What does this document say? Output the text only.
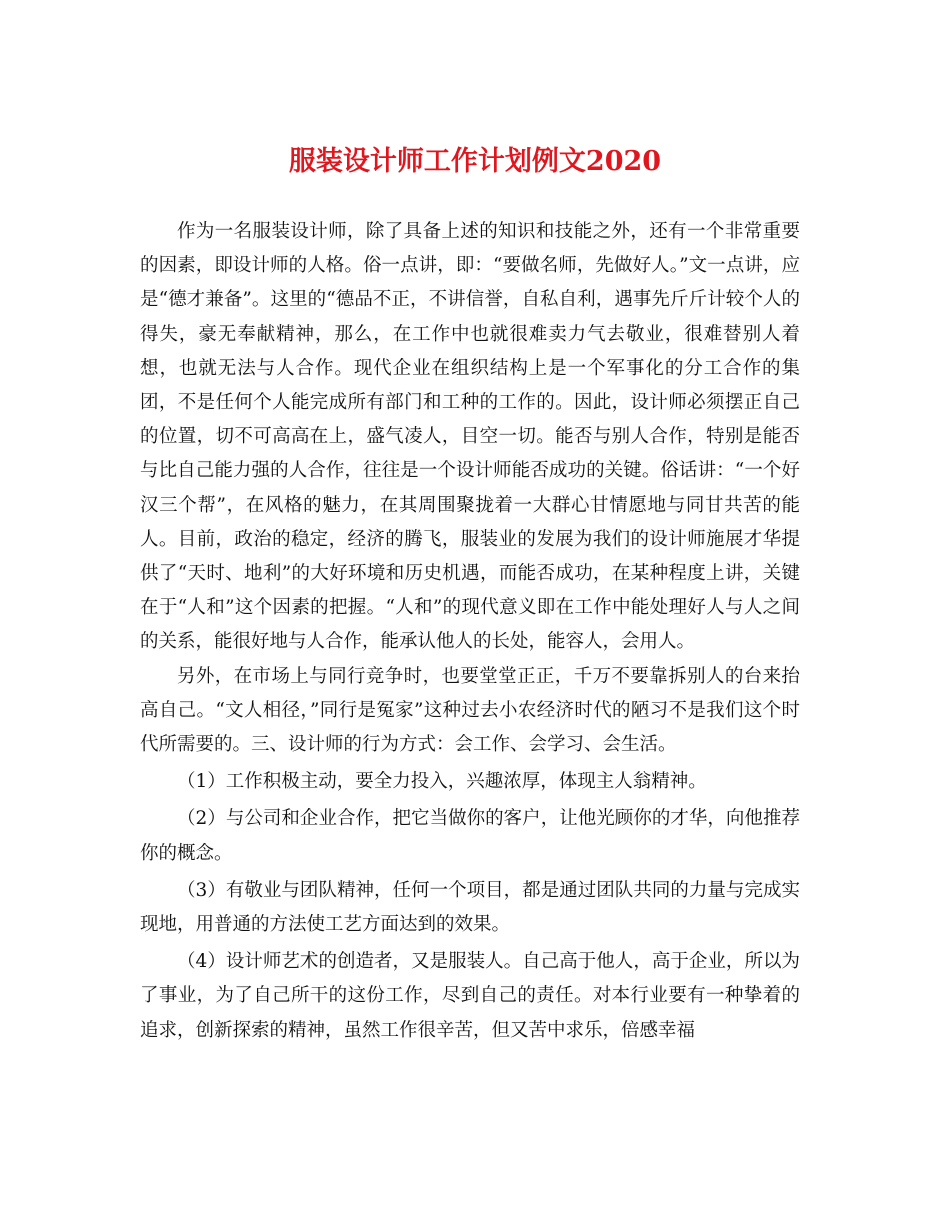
服装设计师工作计划例文2020

作为一名服装设计师，除了具备上述的知识和技能之外，还有一个非常重要的因素，即设计师的人格。俗一点讲，即：“要做名师，先做好人。”文一点讲，应是“德才兼备”。这里的“德品不正，不讲信誉，自私自利，遇事先斤斤计较个人的得失，豪无奉献精神，那么，在工作中也就很难卖力气去敬业，很难替别人着想，也就无法与人合作。现代企业在组织结构上是一个军事化的分工合作的集团，不是任何个人能完成所有部门和工种的工作的。因此，设计师必须摆正自己的位置，切不可高高在上，盛气凌人，目空一切。能否与别人合作，特别是能否与比自己能力强的人合作，往往是一个设计师能否成功的关键。俗话讲：“一个好汉三个帮”，在风格的魅力，在其周围聚拢着一大群心甘情愿地与同甘共苦的能人。目前，政治的稳定，经济的腾飞，服装业的发展为我们的设计师施展才华提供了“天时、地利”的大好环境和历史机遇，而能否成功，在某种程度上讲，关键在于“人和”这个因素的把握。“人和”的现代意义即在工作中能处理好人与人之间的关系，能很好地与人合作，能承认他人的长处，能容人，会用人。

另外，在市场上与同行竞争时，也要堂堂正正，千万不要靠拆别人的台来抬高自己。“文人相径，”同行是冤家”这种过去小农经济时代的陋习不是我们这个时代所需要的。三、设计师的行为方式：会工作、会学习、会生活。

（1）工作积极主动，要全力投入，兴趣浓厚，体现主人翁精神。

（2）与公司和企业合作，把它当做你的客户，让他光顾你的才华，向他推荐你的概念。

（3）有敬业与团队精神，任何一个项目，都是通过团队共同的力量与完成实现地，用普通的方法使工艺方面达到的效果。

（4）设计师艺术的创造者，又是服装人。自己高于他人，高于企业，所以为了事业，为了自己所干的这份工作，尽到自己的责任。对本行业要有一种挚着的追求，创新探索的精神，虽然工作很辛苦，但又苦中求乐，倍感幸福
